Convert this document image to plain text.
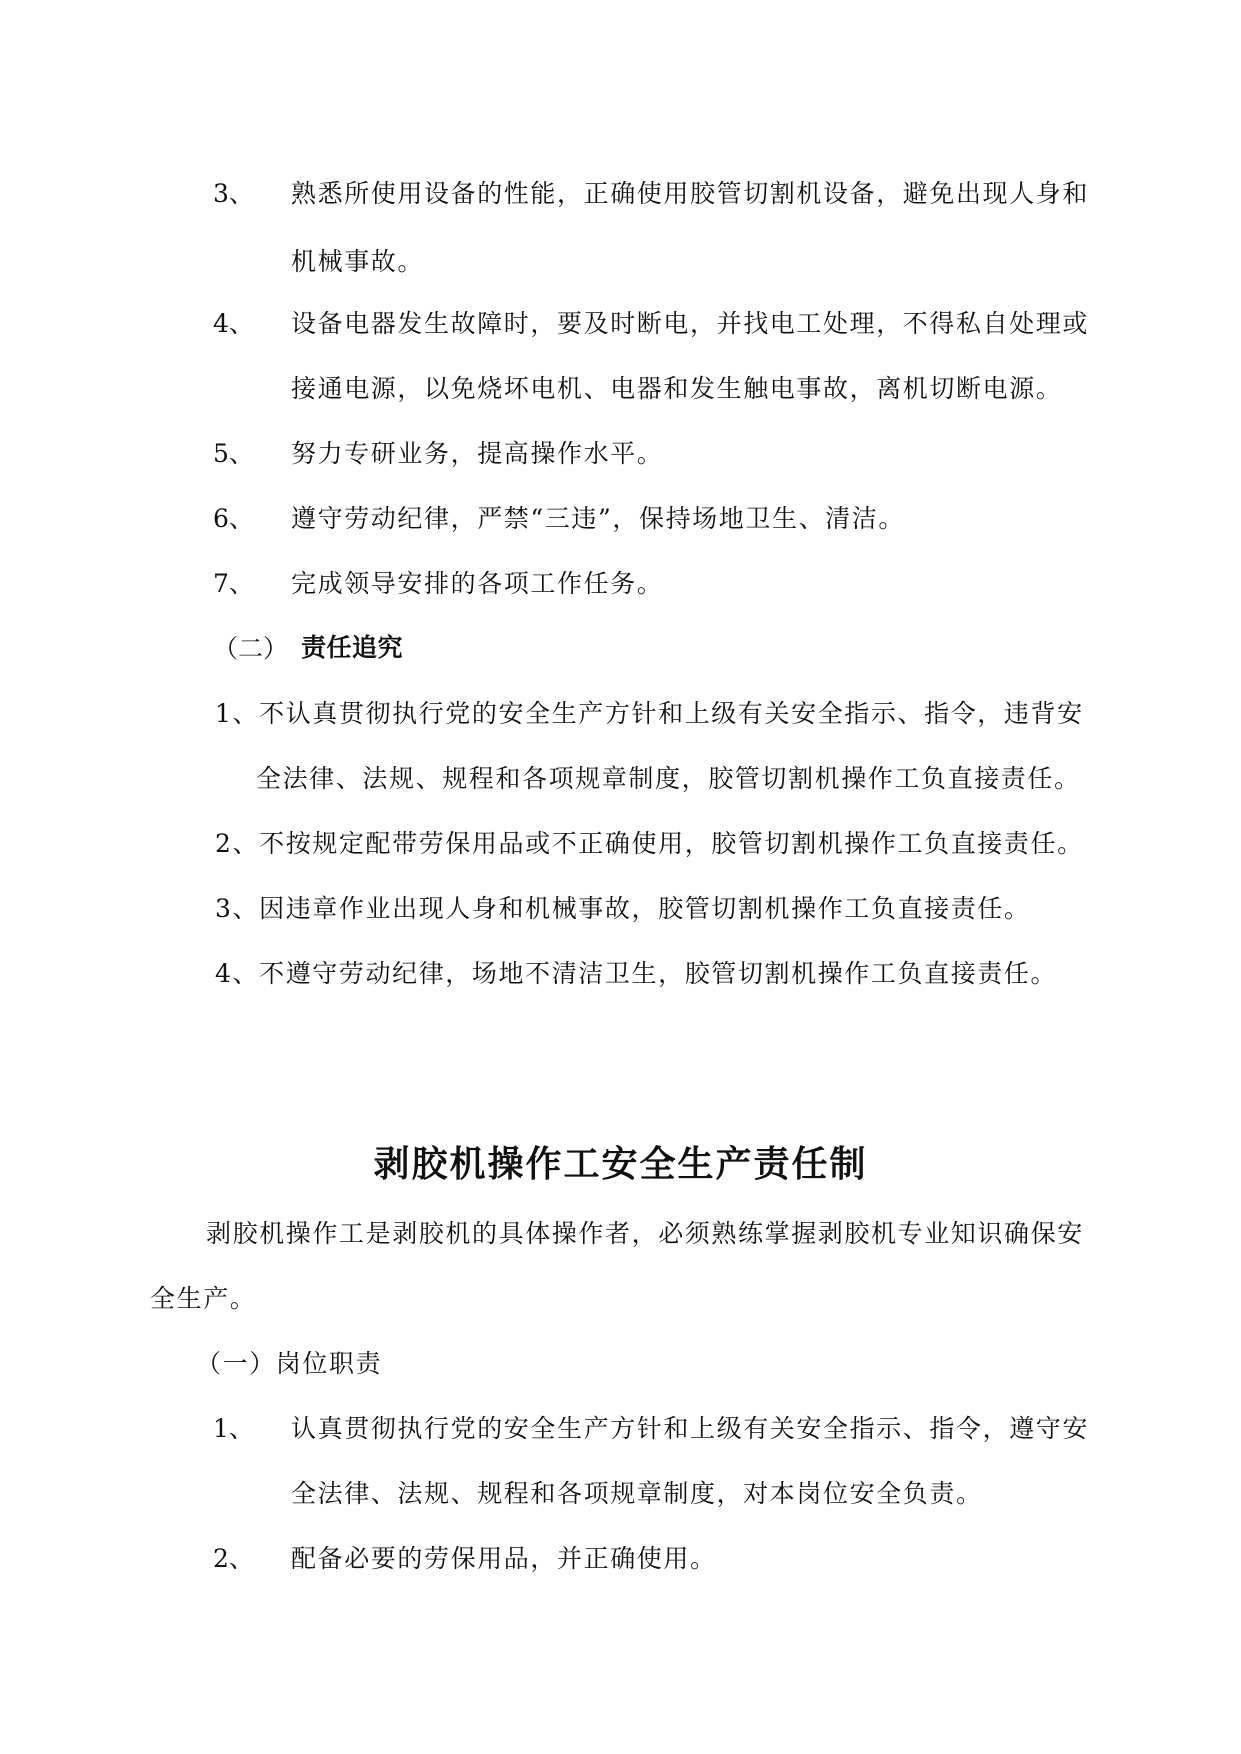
3、 熟悉所使用设备的性能，正确使用胶管切割机设备，避免出现人身和
机械事故。
4、 设备电器发生故障时，要及时断电，并找电工处理，不得私自处理或
接通电源，以免烧坏电机、电器和发生触电事故，离机切断电源。
5、 努力专研业务，提高操作水平。
6、 遵守劳动纪律，严禁“三违”，保持场地卫生、清洁。
7、 完成领导安排的各项工作任务。
（二） 责任追究
1、不认真贯彻执行党的安全生产方针和上级有关安全指示、指令，违背安
全法律、法规、规程和各项规章制度，胶管切割机操作工负直接责任。
2、不按规定配带劳保用品或不正确使用，胶管切割机操作工负直接责任。
3、因违章作业出现人身和机械事故，胶管切割机操作工负直接责任。
4、不遵守劳动纪律，场地不清洁卫生，胶管切割机操作工负直接责任。
剥胶机操作工安全生产责任制
剥胶机操作工是剥胶机的具体操作者，必须熟练掌握剥胶机专业知识确保安
全生产。
（一）岗位职责
1、 认真贯彻执行党的安全生产方针和上级有关安全指示、指令，遵守安
全法律、法规、规程和各项规章制度，对本岗位安全负责。
2、 配备必要的劳保用品，并正确使用。
